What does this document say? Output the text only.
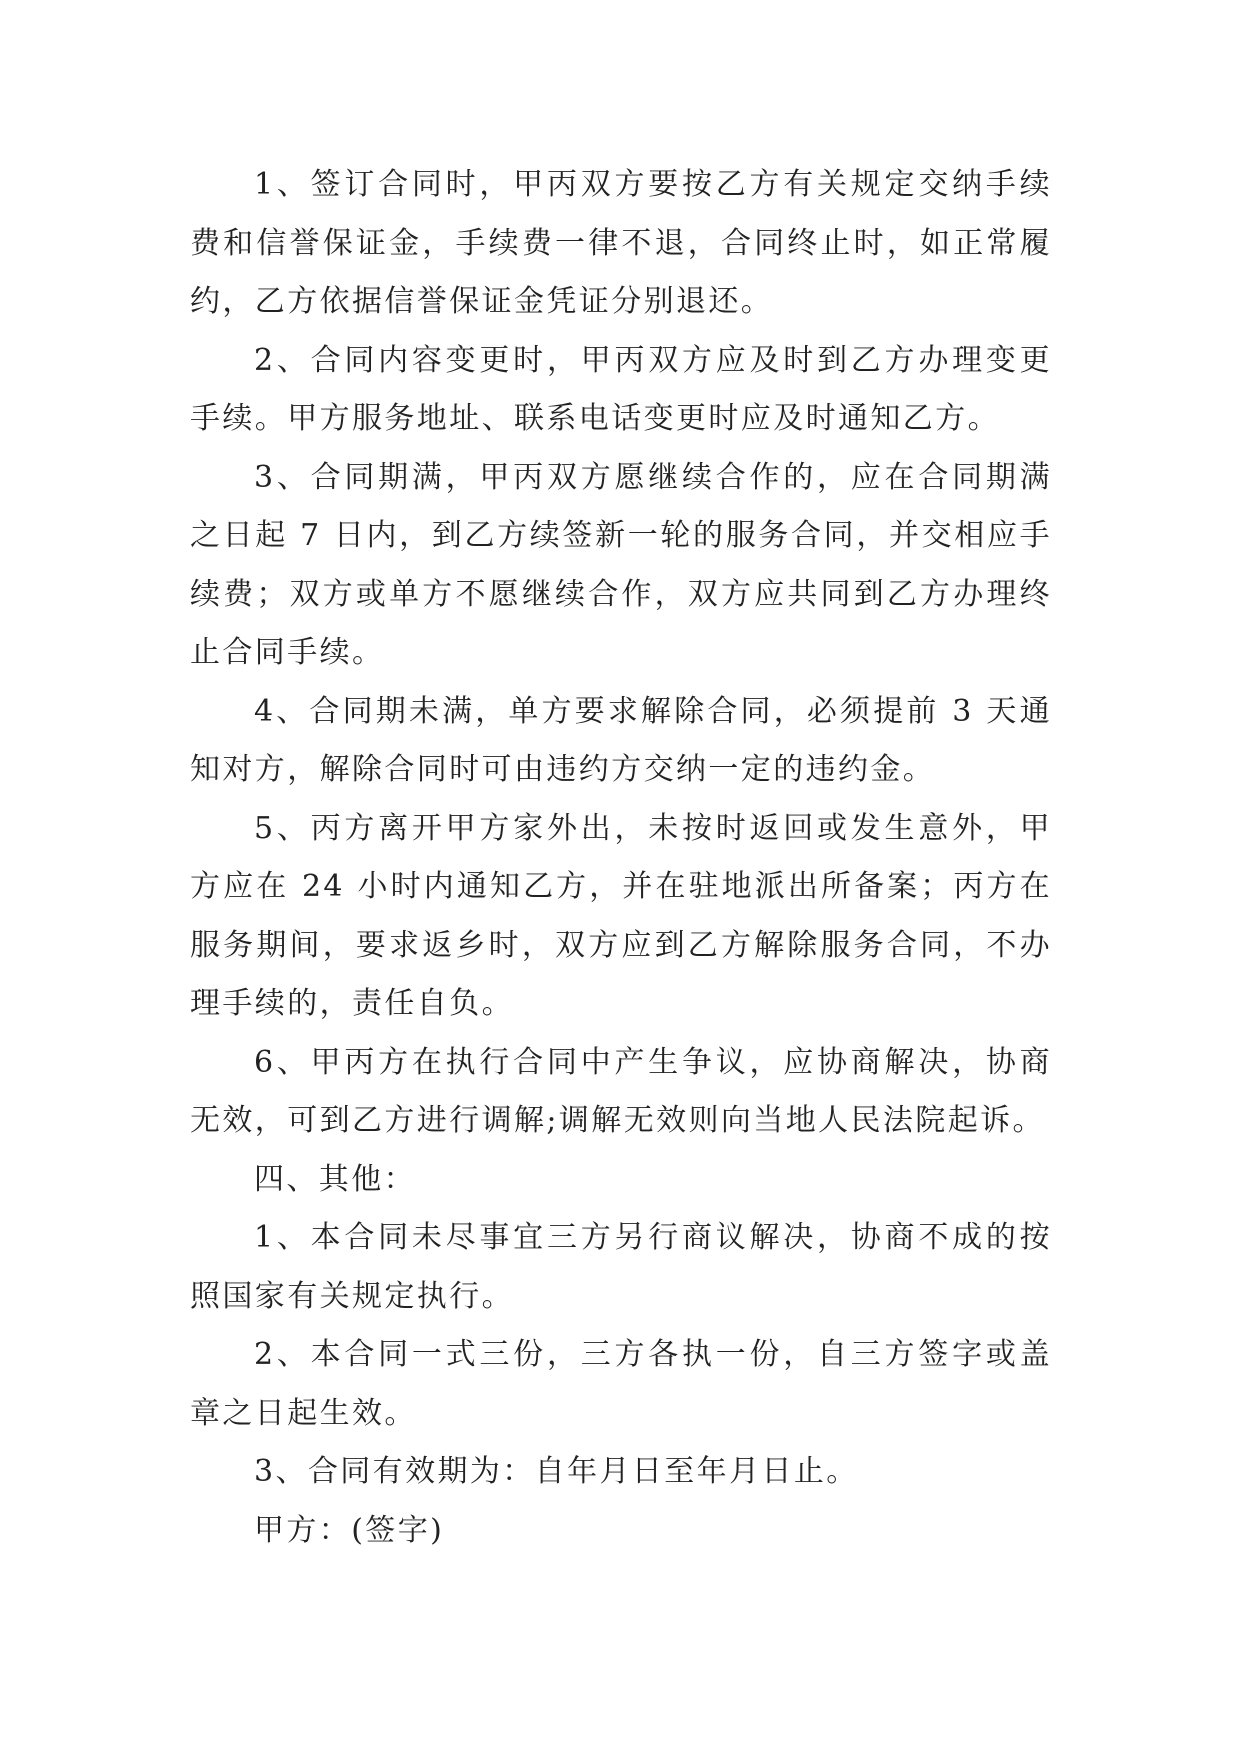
1、签订合同时，甲丙双方要按乙方有关规定交纳手续
费和信誉保证金，手续费一律不退，合同终止时，如正常履
约，乙方依据信誉保证金凭证分别退还。
2、合同内容变更时，甲丙双方应及时到乙方办理变更
手续。甲方服务地址、联系电话变更时应及时通知乙方。
3、合同期满，甲丙双方愿继续合作的，应在合同期满
之日起 7 日内，到乙方续签新一轮的服务合同，并交相应手
续费；双方或单方不愿继续合作，双方应共同到乙方办理终
止合同手续。
4、合同期未满，单方要求解除合同，必须提前 3 天通
知对方，解除合同时可由违约方交纳一定的违约金。
5、丙方离开甲方家外出，未按时返回或发生意外，甲
方应在 24 小时内通知乙方，并在驻地派出所备案；丙方在
服务期间，要求返乡时，双方应到乙方解除服务合同，不办
理手续的，责任自负。
6、甲丙方在执行合同中产生争议，应协商解决，协商
无效，可到乙方进行调解;调解无效则向当地人民法院起诉。
四、其他：
1、本合同未尽事宜三方另行商议解决，协商不成的按
照国家有关规定执行。
2、本合同一式三份，三方各执一份，自三方签字或盖
章之日起生效。
3、合同有效期为：自年月日至年月日止。
甲方：(签字)
